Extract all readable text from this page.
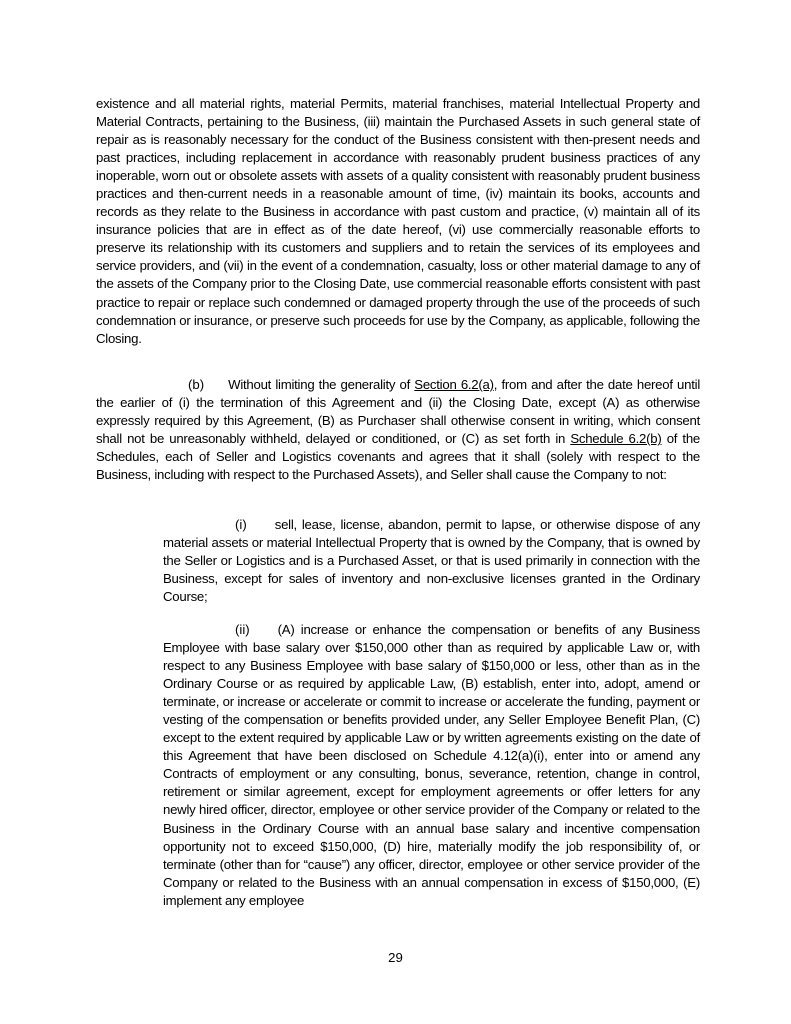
existence and all material rights, material Permits, material franchises, material Intellectual Property and Material Contracts, pertaining to the Business, (iii) maintain the Purchased Assets in such general state of repair as is reasonably necessary for the conduct of the Business consistent with then-present needs and past practices, including replacement in accordance with reasonably prudent business practices of any inoperable, worn out or obsolete assets with assets of a quality consistent with reasonably prudent business practices and then-current needs in a reasonable amount of time, (iv) maintain its books, accounts and records as they relate to the Business in accordance with past custom and practice, (v) maintain all of its insurance policies that are in effect as of the date hereof, (vi) use commercially reasonable efforts to preserve its relationship with its customers and suppliers and to retain the services of its employees and service providers, and (vii) in the event of a condemnation, casualty, loss or other material damage to any of the assets of the Company prior to the Closing Date, use commercial reasonable efforts consistent with past practice to repair or replace such condemned or damaged property through the use of the proceeds of such condemnation or insurance, or preserve such proceeds for use by the Company, as applicable, following the Closing.

(b) Without limiting the generality of Section 6.2(a), from and after the date hereof until the earlier of (i) the termination of this Agreement and (ii) the Closing Date, except (A) as otherwise expressly required by this Agreement, (B) as Purchaser shall otherwise consent in writing, which consent shall not be unreasonably withheld, delayed or conditioned, or (C) as set forth in Schedule 6.2(b) of the Schedules, each of Seller and Logistics covenants and agrees that it shall (solely with respect to the Business, including with respect to the Purchased Assets), and Seller shall cause the Company to not:

(i) sell, lease, license, abandon, permit to lapse, or otherwise dispose of any material assets or material Intellectual Property that is owned by the Company, that is owned by the Seller or Logistics and is a Purchased Asset, or that is used primarily in connection with the Business, except for sales of inventory and non-exclusive licenses granted in the Ordinary Course;

(ii) (A) increase or enhance the compensation or benefits of any Business Employee with base salary over $150,000 other than as required by applicable Law or, with respect to any Business Employee with base salary of $150,000 or less, other than as in the Ordinary Course or as required by applicable Law, (B) establish, enter into, adopt, amend or terminate, or increase or accelerate or commit to increase or accelerate the funding, payment or vesting of the compensation or benefits provided under, any Seller Employee Benefit Plan, (C) except to the extent required by applicable Law or by written agreements existing on the date of this Agreement that have been disclosed on Schedule 4.12(a)(i), enter into or amend any Contracts of employment or any consulting, bonus, severance, retention, change in control, retirement or similar agreement, except for employment agreements or offer letters for any newly hired officer, director, employee or other service provider of the Company or related to the Business in the Ordinary Course with an annual base salary and incentive compensation opportunity not to exceed $150,000, (D) hire, materially modify the job responsibility of, or terminate (other than for “cause”) any officer, director, employee or other service provider of the Company or related to the Business with an annual compensation in excess of $150,000, (E) implement any employee

29
